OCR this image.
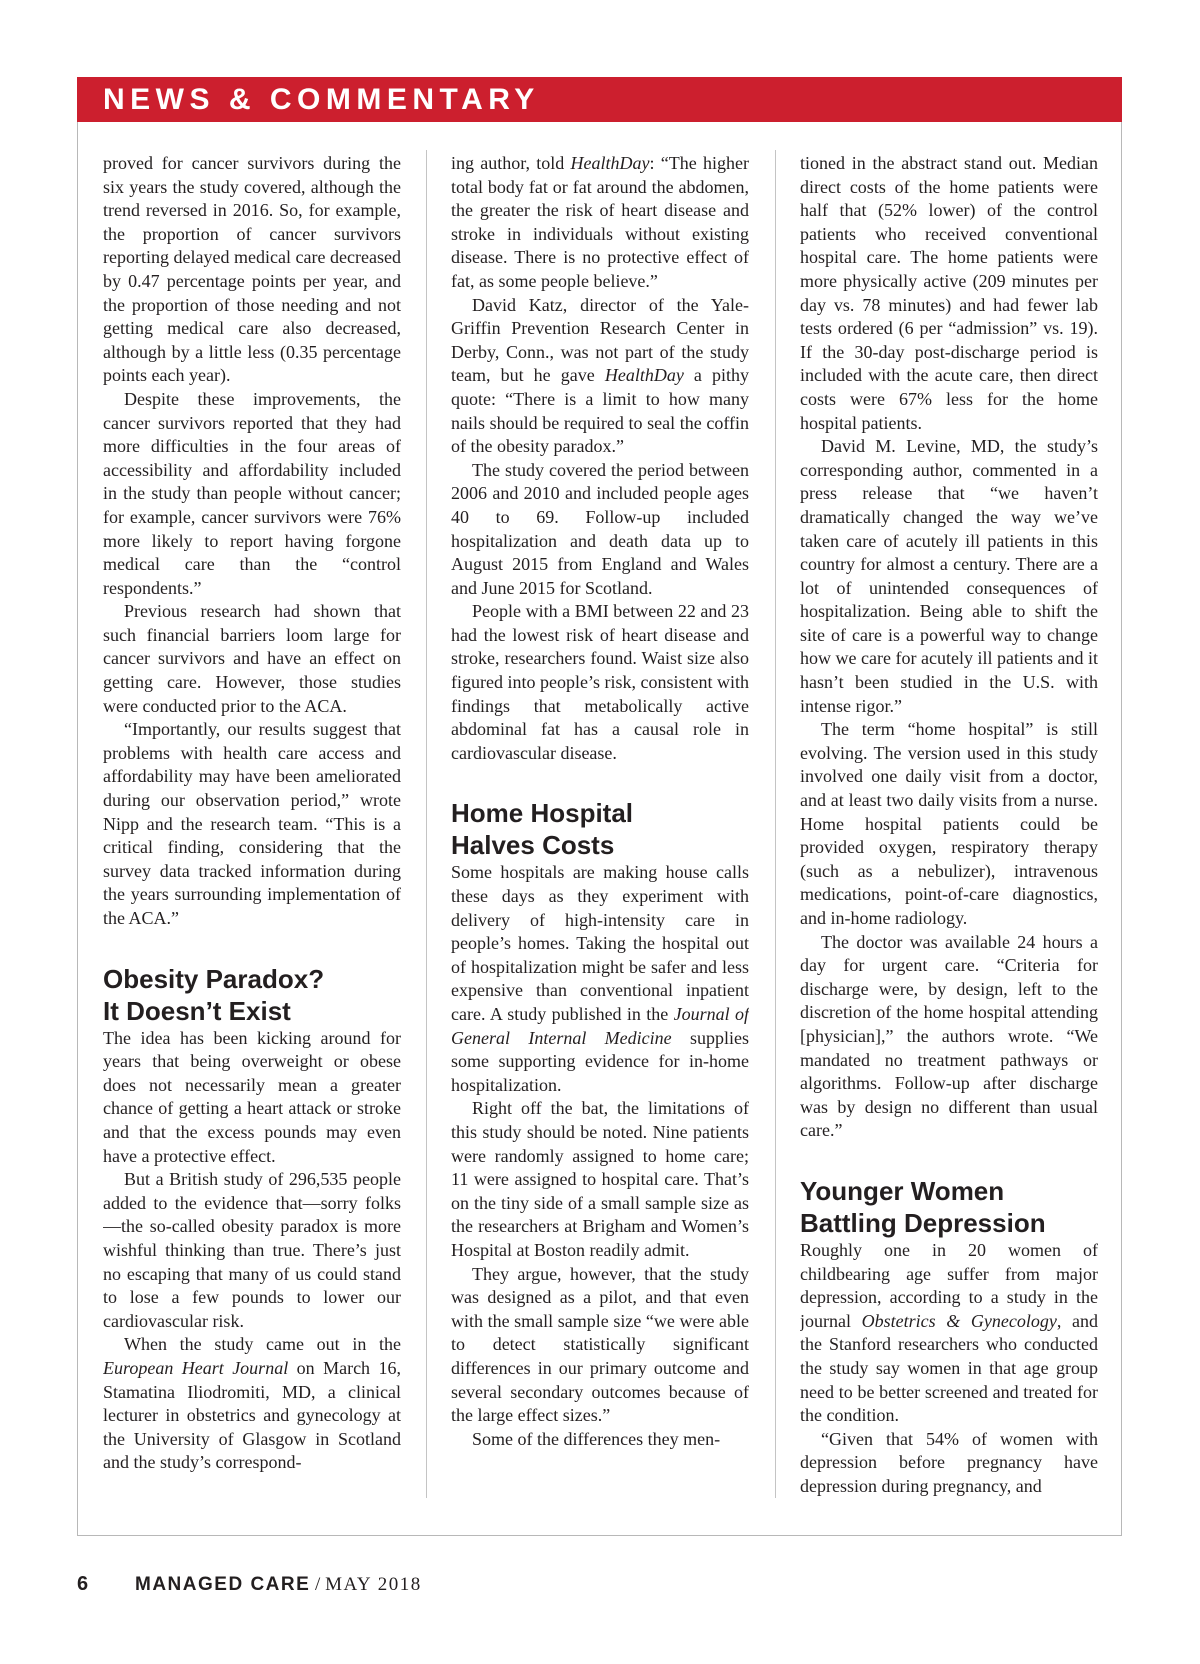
NEWS & COMMENTARY

proved for cancer survivors during the six years the study covered, although the trend reversed in 2016. So, for example, the proportion of cancer survivors reporting delayed medical care decreased by 0.47 percentage points per year, and the proportion of those needing and not getting medical care also decreased, although by a little less (0.35 percentage points each year).

Despite these improvements, the cancer survivors reported that they had more difficulties in the four areas of accessibility and affordability included in the study than people without cancer; for example, cancer survivors were 76% more likely to report having forgone medical care than the “control respondents.”

Previous research had shown that such financial barriers loom large for cancer survivors and have an effect on getting care. However, those studies were conducted prior to the ACA.

“Importantly, our results suggest that problems with health care access and affordability may have been ameliorated during our observation period,” wrote Nipp and the research team. “This is a critical finding, considering that the survey data tracked information during the years surrounding implementation of the ACA.”

Obesity Paradox?
It Doesn’t Exist

The idea has been kicking around for years that being overweight or obese does not necessarily mean a greater chance of getting a heart attack or stroke and that the excess pounds may even have a protective effect.

But a British study of 296,535 people added to the evidence that—sorry folks—the so-called obesity paradox is more wishful thinking than true. There’s just no escaping that many of us could stand to lose a few pounds to lower our cardiovascular risk.

When the study came out in the European Heart Journal on March 16, Stamatina Iliodromiti, MD, a clinical lecturer in obstetrics and gynecology at the University of Glasgow in Scotland and the study’s correspond-

ing author, told HealthDay: “The higher total body fat or fat around the abdomen, the greater the risk of heart disease and stroke in individuals without existing disease. There is no protective effect of fat, as some people believe.”

David Katz, director of the Yale-Griffin Prevention Research Center in Derby, Conn., was not part of the study team, but he gave HealthDay a pithy quote: “There is a limit to how many nails should be required to seal the coffin of the obesity paradox.”

The study covered the period between 2006 and 2010 and included people ages 40 to 69. Follow-up included hospitalization and death data up to August 2015 from England and Wales and June 2015 for Scotland.

People with a BMI between 22 and 23 had the lowest risk of heart disease and stroke, researchers found. Waist size also figured into people’s risk, consistent with findings that metabolically active abdominal fat has a causal role in cardiovascular disease.

Home Hospital
Halves Costs

Some hospitals are making house calls these days as they experiment with delivery of high-intensity care in people’s homes. Taking the hospital out of hospitalization might be safer and less expensive than conventional inpatient care. A study published in the Journal of General Internal Medicine supplies some supporting evidence for in-home hospitalization.

Right off the bat, the limitations of this study should be noted. Nine patients were randomly assigned to home care; 11 were assigned to hospital care. That’s on the tiny side of a small sample size as the researchers at Brigham and Women’s Hospital at Boston readily admit.

They argue, however, that the study was designed as a pilot, and that even with the small sample size “we were able to detect statistically significant differences in our primary outcome and several secondary outcomes because of the large effect sizes.”

Some of the differences they men-

tioned in the abstract stand out. Median direct costs of the home patients were half that (52% lower) of the control patients who received conventional hospital care. The home patients were more physically active (209 minutes per day vs. 78 minutes) and had fewer lab tests ordered (6 per “admission” vs. 19). If the 30-day post-discharge period is included with the acute care, then direct costs were 67% less for the home hospital patients.

David M. Levine, MD, the study’s corresponding author, commented in a press release that “we haven’t dramatically changed the way we’ve taken care of acutely ill patients in this country for almost a century. There are a lot of unintended consequences of hospitalization. Being able to shift the site of care is a powerful way to change how we care for acutely ill patients and it hasn’t been studied in the U.S. with intense rigor.”

The term “home hospital” is still evolving. The version used in this study involved one daily visit from a doctor, and at least two daily visits from a nurse. Home hospital patients could be provided oxygen, respiratory therapy (such as a nebulizer), intravenous medications, point-of-care diagnostics, and in-home radiology.

The doctor was available 24 hours a day for urgent care. “Criteria for discharge were, by design, left to the discretion of the home hospital attending [physician],” the authors wrote. “We mandated no treatment pathways or algorithms. Follow-up after discharge was by design no different than usual care.”

Younger Women
Battling Depression

Roughly one in 20 women of childbearing age suffer from major depression, according to a study in the journal Obstetrics & Gynecology, and the Stanford researchers who conducted the study say women in that age group need to be better screened and treated for the condition.

“Given that 54% of women with depression before pregnancy have depression during pregnancy, and

6 MANAGED CARE / MAY 2018
